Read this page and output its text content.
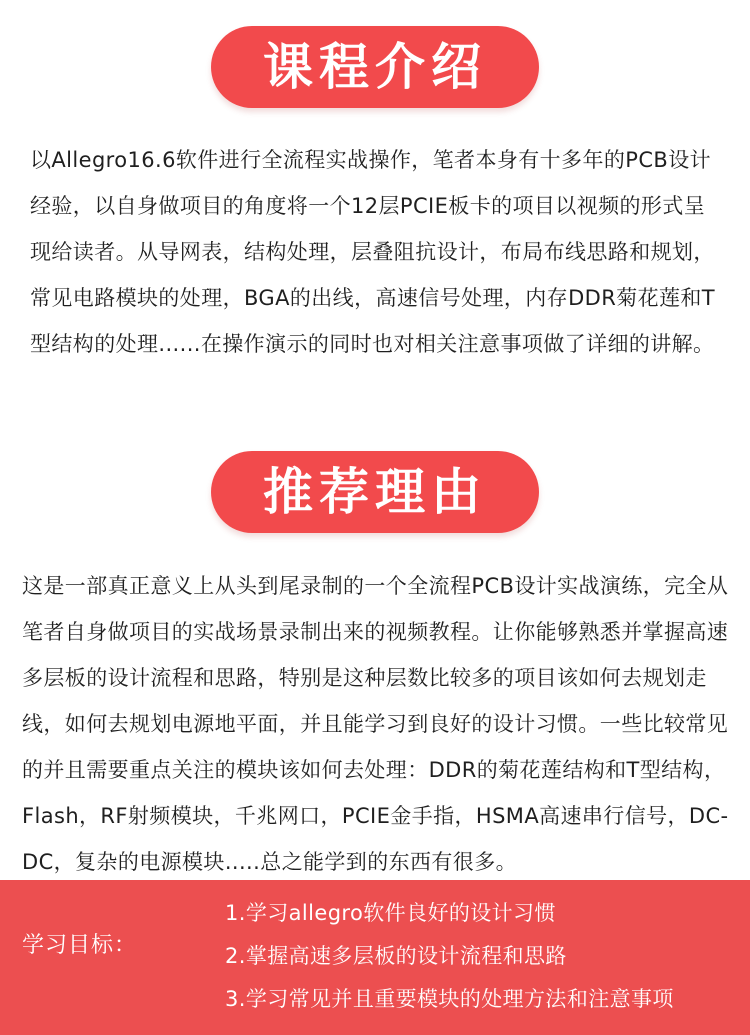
课程介绍

以Allegro16.6软件进行全流程实战操作，笔者本身有十多年的PCB设计经验，以自身做项目的角度将一个12层PCIE板卡的项目以视频的形式呈现给读者。从导网表，结构处理，层叠阻抗设计，布局布线思路和规划，常见电路模块的处理，BGA的出线，高速信号处理，内存DDR菊花莲和T型结构的处理......在操作演示的同时也对相关注意事项做了详细的讲解。

推荐理由

这是一部真正意义上从头到尾录制的一个全流程PCB设计实战演练，完全从笔者自身做项目的实战场景录制出来的视频教程。让你能够熟悉并掌握高速多层板的设计流程和思路，特别是这种层数比较多的项目该如何去规划走线，如何去规划电源地平面，并且能学习到良好的设计习惯。一些比较常见的并且需要重点关注的模块该如何去处理：DDR的菊花莲结构和T型结构，Flash，RF射频模块，千兆网口，PCIE金手指，HSMA高速串行信号，DC-DC，复杂的电源模块.....总之能学到的东西有很多。

学习目标：
1.学习allegro软件良好的设计习惯
2.掌握高速多层板的设计流程和思路
3.学习常见并且重要模块的处理方法和注意事项
